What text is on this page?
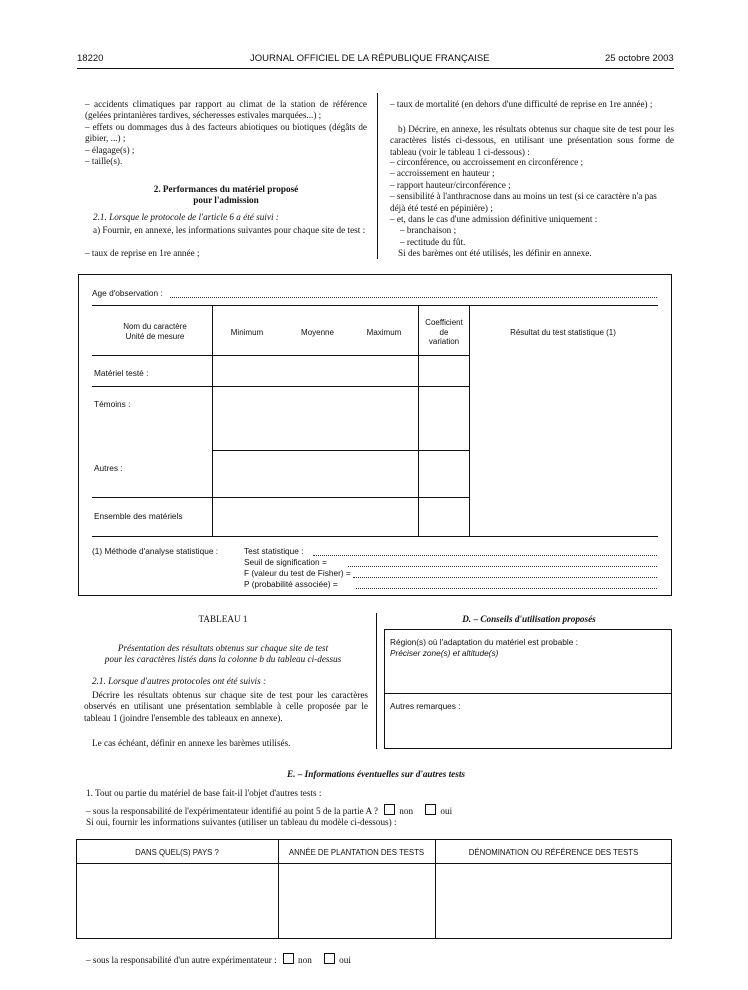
18220	JOURNAL OFFICIEL DE LA RÉPUBLIQUE FRANÇAISE	25 octobre 2003
– accidents climatiques par rapport au climat de la station de référence (gelées printanières tardives, sécheresses estivales marquées...) ;
– effets ou dommages dus à des facteurs abiotiques ou biotiques (dégâts de gibier, ...) ;
– élagage(s) ;
– taille(s).
2. Performances du matériel proposé
pour l'admission
2.1. Lorsque le protocole de l'article 6 a été suivi :
a) Fournir, en annexe, les informations suivantes pour chaque site de test :
– taux de reprise en 1re année ;
– taux de mortalité (en dehors d'une difficulté de reprise en 1re année) ;
b) Décrire, en annexe, les résultats obtenus sur chaque site de test pour les caractères listés ci-dessous, en utilisant une présentation sous forme de tableau (voir le tableau 1 ci-dessous) :
– circonférence, ou accroissement en circonférence ;
– accroissement en hauteur ;
– rapport hauteur/circonférence ;
– sensibilité à l'anthracnose dans au moins un test (si ce caractère n'a pas déjà été testé en pépinière) ;
– et, dans le cas d'une admission définitive uniquement :
– branchaison ;
– rectitude du fût.
Si des barèmes ont été utilisés, les définir en annexe.
Age d'observation :
Nom du caractère
Unité de mesure	Minimum	Moyenne	Maximum
Coefficient
de
variation
Résultat du test statistique (1)
Matériel testé :
Témoins :
Autres :
Ensemble des matériels
(1) Méthode d'analyse statistique :	Test statistique :
Seuil de signification =
F (valeur du test de Fisher) =
P (probabilité associée) =
TABLEAU 1
Présentation des résultats obtenus sur chaque site de test
pour les caractères listés dans la colonne b du tableau ci-dessus
2.1. Lorsque d'autres protocoles ont été suivis :
Décrire les résultats obtenus sur chaque site de test pour les caractères observés en utilisant une présentation semblable à celle proposée par le tableau 1 (joindre l'ensemble des tableaux en annexe).
Le cas échéant, définir en annexe les barèmes utilisés.
D. – Conseils d'utilisation proposés
Région(s) où l'adaptation du matériel est probable :
Préciser zone(s) et altitude(s)
Autres remarques :
E. – Informations éventuelles sur d'autres tests
1. Tout ou partie du matériel de base fait-il l'objet d'autres tests :
– sous la responsabilité de l'expérimentateur identifié au point 5 de la partie A ? non	oui
Si oui, fournir les informations suivantes (utiliser un tableau du modèle ci-dessous) :
DANS QUEL(S) PAYS ?	ANNÉE DE PLANTATION DES TESTS	DÉNOMINATION OU RÉFÉRENCE DES TESTS
– sous la responsabilité d'un autre expérimentateur : non	oui
